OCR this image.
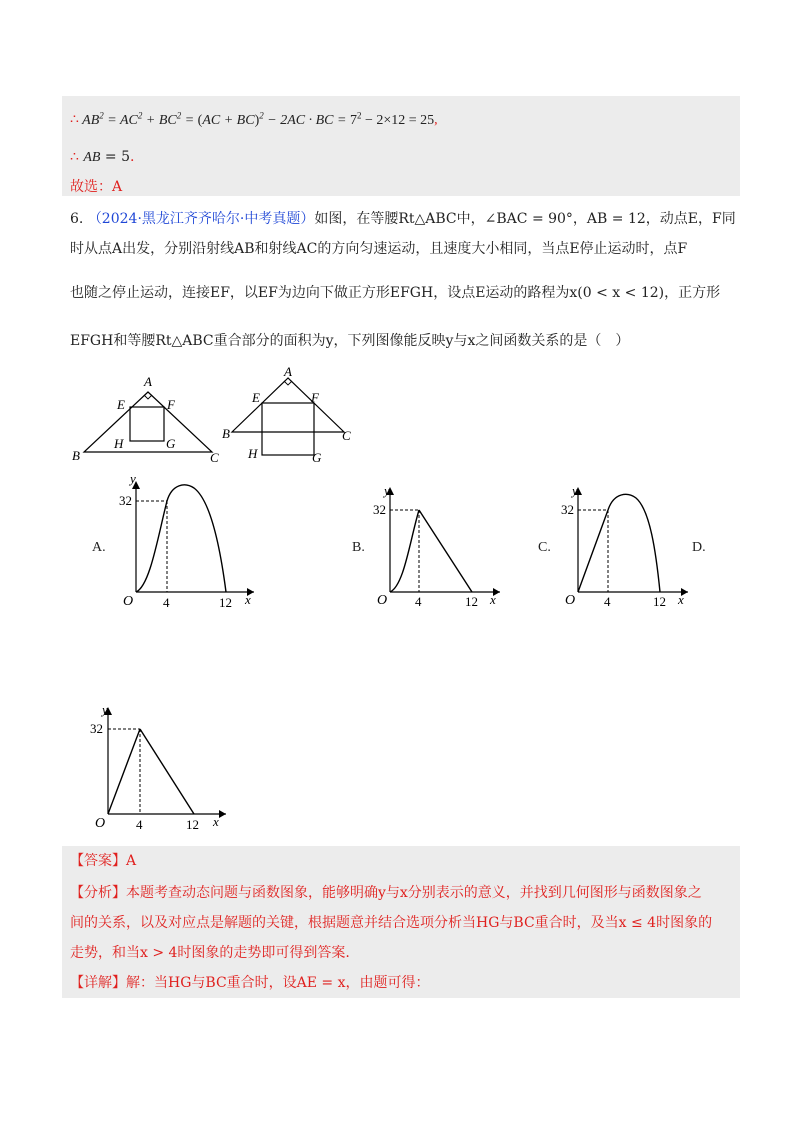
∴ $AB^2 = AC^2 + BC^2 = (AC + BC)^2 - 2AC$ · BC = $7^2 - 2\times 12 = 25$,
∴ AB = 5.
故选：A
6. （2024·黑龙江齐齐哈尔·中考真题）如图，在等腰Rt△ABC中，∠BAC = 90°，AB = 12，动点E，F同
时从点A出发，分别沿射线AB和射线AC的方向匀速运动，且速度大小相同，当点E停止运动时，点F
也随之停止运动，连接EF，以EF为边向下做正方形EFGH，设点E运动的路程为x(0 < x < 12)，正方形
EFGH和等腰Rt△ABC重合部分的面积为y，下列图像能反映y与x之间函数关系的是（　）
A
E	F
H	G
B	C
A
E	F
B	C
H	G
A.
32
y
O 4	12 x
B.
32
y
O 4	12 x
C.
32
y
O 4	12 x
D.
32
y
O 4	12 x
【答案】A
【分析】本题考查动态问题与函数图象，能够明确y与x分别表示的意义，并找到几何图形与函数图象之
间的关系，以及对应点是解题的关键，根据题意并结合选项分析当HG与BC重合时，及当x ≤ 4时图象的
走势，和当x > 4时图象的走势即可得到答案.
【详解】解：当HG与BC重合时，设AE = x，由题可得：
